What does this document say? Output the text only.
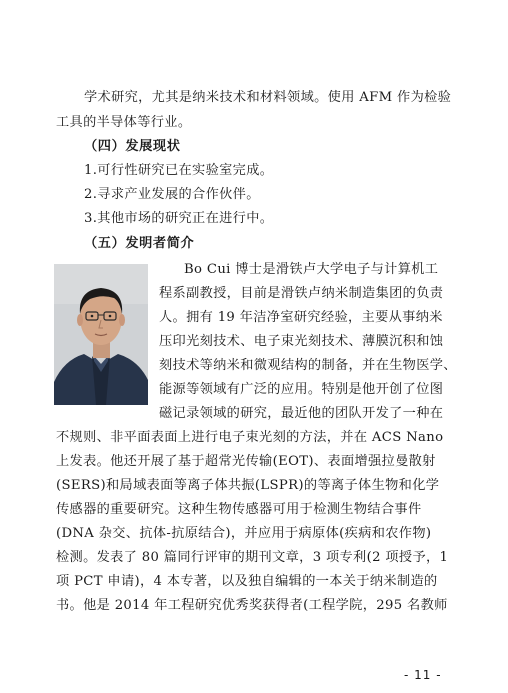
学术研究，尤其是纳米技术和材料领域。使用 AFM 作为检验
工具的半导体等行业。
（四）发展现状
1.可行性研究已在实验室完成。
2.寻求产业发展的合作伙伴。
3.其他市场的研究正在进行中。
（五）发明者简介
Bo Cui 博士是滑铁卢大学电子与计算机工
程系副教授，目前是滑铁卢纳米制造集团的负责
人。拥有 19 年洁净室研究经验，主要从事纳米
压印光刻技术、电子束光刻技术、薄膜沉积和蚀
刻技术等纳米和微观结构的制备，并在生物医学、
能源等领域有广泛的应用。特别是他开创了位图
磁记录领域的研究，最近他的团队开发了一种在
不规则、非平面表面上进行电子束光刻的方法，并在 ACS Nano
上发表。他还开展了基于超常光传输(EOT)、表面增强拉曼散射
(SERS)和局域表面等离子体共振(LSPR)的等离子体生物和化学
传感器的重要研究。这种生物传感器可用于检测生物结合事件
(DNA 杂交、抗体-抗原结合)，并应用于病原体(疾病和农作物)
检测。发表了 80 篇同行评审的期刊文章，3 项专利(2 项授予，1
项 PCT 申请)，4 本专著，以及独自编辑的一本关于纳米制造的
书。他是 2014 年工程研究优秀奖获得者(工程学院，295 名教师
- 11 -
